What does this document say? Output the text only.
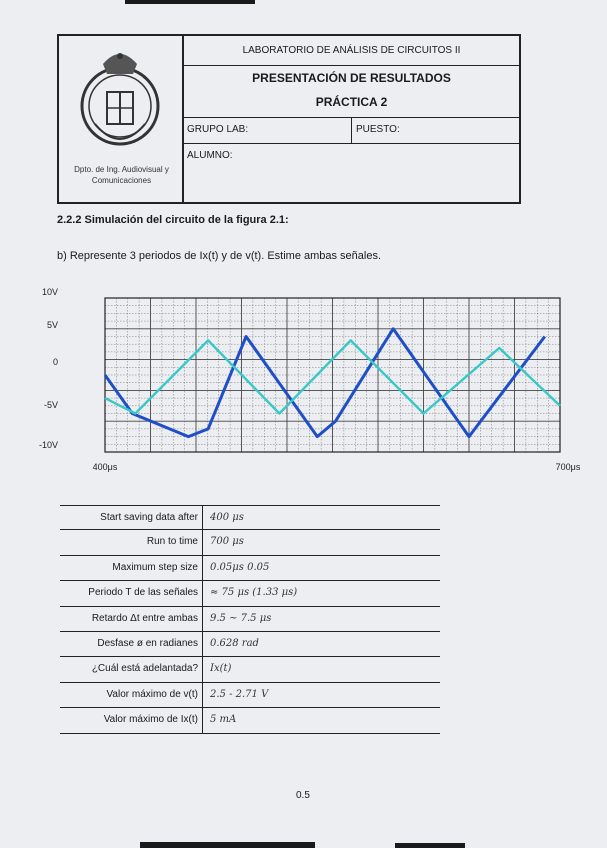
Dpto. de Ing. Audiovisual y Comunicaciones
LABORATORIO DE ANÁLISIS DE CIRCUITOS II
PRESENTACIÓN DE RESULTADOS
PRÁCTICA 2
GRUPO LAB:	PUESTO:
ALUMNO:
2.2.2 Simulación del circuito de la figura 2.1:
b) Represente 3 periodos de Ix(t) y de v(t). Estime ambas señales.
10V
5V
0
-5V
-10V
400μs	700μs
Start saving data after 400 μs
Run to time 700 μs
Maximum step size 0.05μs 0.05
Periodo T de las señales ≈ 75 μs (1.33 μs)
Retardo Δt entre ambas 9.5 ~ 7.5 μs
Desfase ø en radianes 0.628 rad
¿Cuál está adelantada? Ix(t)
Valor máximo de v(t) 2.5 - 2.71 V
Valor máximo de Ix(t) 5 mA
0.5
